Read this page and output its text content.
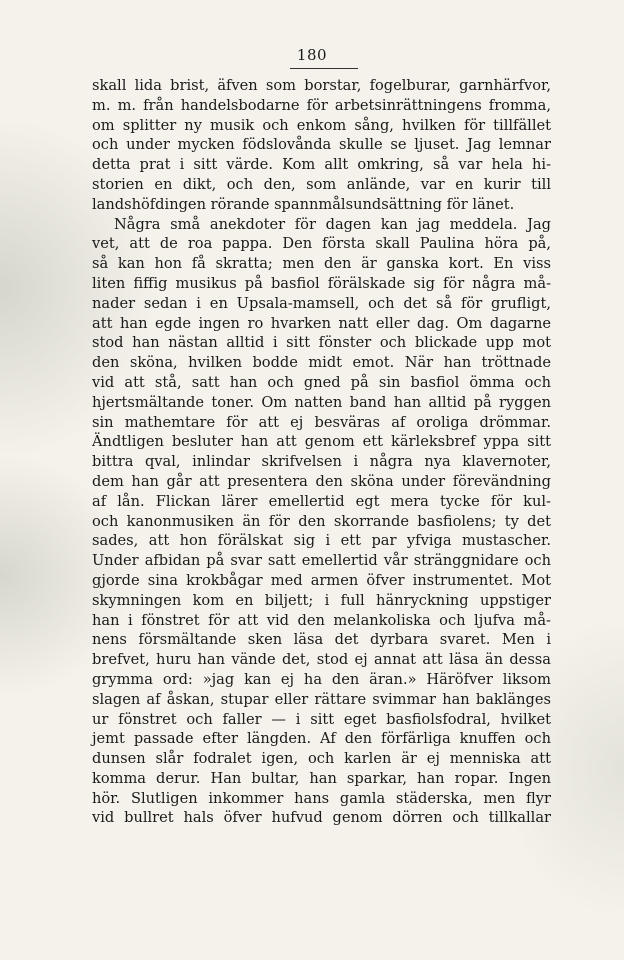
180
skall lida brist, äfven som borstar, fogelburar, garnhärfvor,
m. m. från handelsbodarne för arbetsinrättningens fromma,
om splitter ny musik och enkom sång, hvilken för tillfället
och under mycken födslovånda skulle se ljuset. Jag lemnar
detta prat i sitt värde. Kom allt omkring, så var hela hi-
storien en dikt, och den, som anlände, var en kurir till
landshöfdingen rörande spannmålsundsättning för länet.
Några små anekdoter för dagen kan jag meddela. Jag
vet, att de roa pappa. Den första skall Paulina höra på,
så kan hon få skratta; men den är ganska kort. En viss
liten fiffig musikus på basfiol förälskade sig för några må-
nader sedan i en Upsala-mamsell, och det så för grufligt,
att han egde ingen ro hvarken natt eller dag. Om dagarne
stod han nästan alltid i sitt fönster och blickade upp mot
den sköna, hvilken bodde midt emot. När han tröttnade
vid att stå, satt han och gned på sin basfiol ömma och
hjertsmältande toner. Om natten band han alltid på ryggen
sin mathemtare för att ej besväras af oroliga drömmar.
Ändtligen besluter han att genom ett kärleksbref yppa sitt
bittra qval, inlindar skrifvelsen i några nya klavernoter,
dem han går att presentera den sköna under förevändning
af lån. Flickan lärer emellertid egt mera tycke för kul-
och kanonmusiken än för den skorrande basfiolens; ty det
sades, att hon förälskat sig i ett par yfviga mustascher.
Under afbidan på svar satt emellertid vår stränggnidare och
gjorde sina krokbågar med armen öfver instrumentet. Mot
skymningen kom en biljett; i full hänryckning uppstiger
han i fönstret för att vid den melankoliska och ljufva må-
nens försmältande sken läsa det dyrbara svaret. Men i
brefvet, huru han vände det, stod ej annat att läsa än dessa
grymma ord: »jag kan ej ha den äran.» Häröfver liksom
slagen af åskan, stupar eller rättare svimmar han baklänges
ur fönstret och faller — i sitt eget basfiolsfodral, hvilket
jemt passade efter längden. Af den förfärliga knuffen och
dunsen slår fodralet igen, och karlen är ej menniska att
komma derur. Han bultar, han sparkar, han ropar. Ingen
hör. Slutligen inkommer hans gamla städerska, men flyr
vid bullret hals öfver hufvud genom dörren och tillkallar
